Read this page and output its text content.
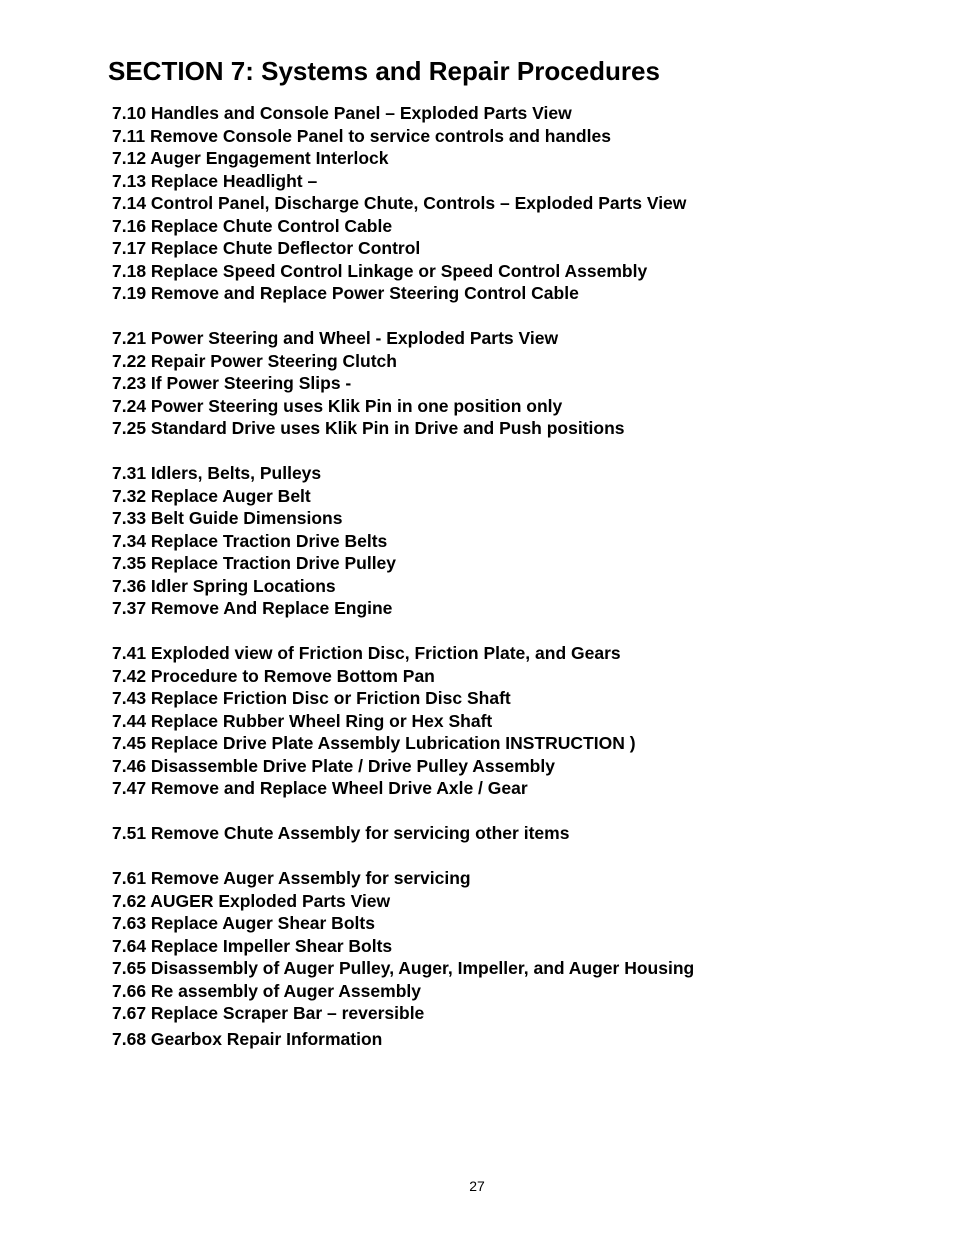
SECTION 7: Systems and Repair Procedures
7.10 Handles and Console Panel – Exploded Parts View
7.11 Remove Console Panel to service controls and handles
7.12 Auger Engagement Interlock
7.13 Replace Headlight –
7.14 Control Panel, Discharge Chute, Controls – Exploded Parts View
7.16 Replace Chute Control Cable
7.17 Replace Chute Deflector Control
7.18 Replace Speed Control Linkage or Speed Control Assembly
7.19 Remove and Replace Power Steering Control Cable
7.21 Power Steering and Wheel - Exploded Parts View
7.22 Repair Power Steering Clutch
7.23 If Power Steering Slips -
7.24 Power Steering uses Klik Pin in one position only
7.25 Standard Drive uses Klik Pin in Drive and Push positions
7.31 Idlers, Belts, Pulleys
7.32 Replace Auger Belt
7.33 Belt Guide Dimensions
7.34 Replace Traction Drive Belts
7.35 Replace Traction Drive Pulley
7.36 Idler Spring Locations
7.37 Remove And Replace Engine
7.41 Exploded view of Friction Disc, Friction Plate, and Gears
7.42 Procedure to Remove Bottom Pan
7.43 Replace Friction Disc or Friction Disc Shaft
7.44 Replace Rubber Wheel Ring or Hex Shaft
7.45 Replace Drive Plate Assembly Lubrication INSTRUCTION )
7.46 Disassemble Drive Plate / Drive Pulley Assembly
7.47 Remove and Replace Wheel Drive Axle / Gear
7.51 Remove Chute Assembly for servicing other items
7.61 Remove Auger Assembly for servicing
7.62 AUGER Exploded Parts View
7.63 Replace Auger Shear Bolts
7.64 Replace Impeller Shear Bolts
7.65 Disassembly of Auger Pulley, Auger, Impeller, and Auger Housing
7.66 Re assembly of Auger Assembly
7.67 Replace Scraper Bar – reversible
7.68 Gearbox Repair Information
27
